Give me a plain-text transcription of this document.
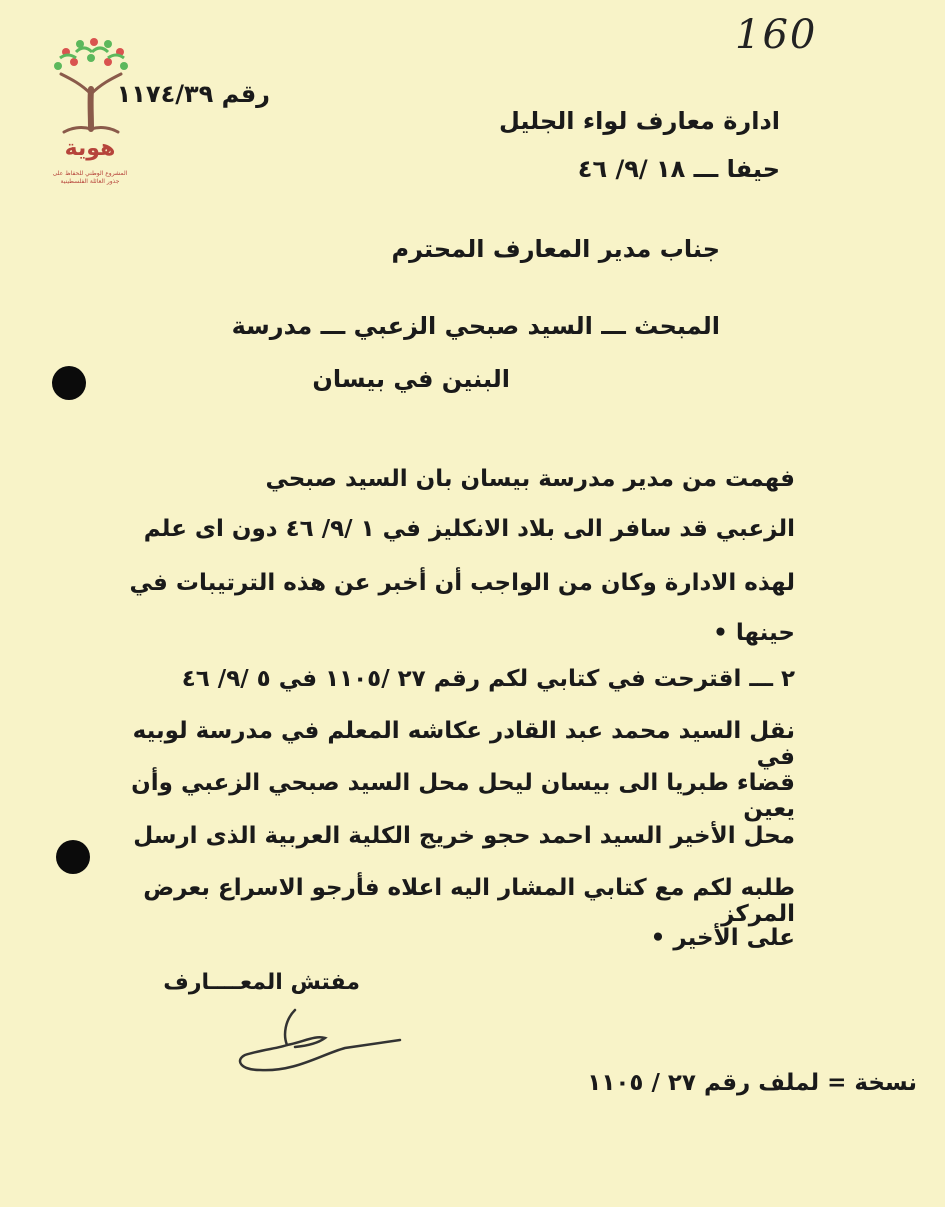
هوية
المشروع الوطني للحفاظ على جذور العائلة الفلسطينية
160
رقم ١١٧٤/٣٩
ادارة معارف لواء الجليل
حيفا ـــ ١٨ /٩/ ٤٦
جناب مدير المعارف المحترم
المبحث ـــ السيد صبحي الزعبي ـــ مدرسة
البنين في بيسان
فهمت من مدير مدرسة بيسان بان السيد صبحي
الزعبي قد سافر الى بلاد الانكليز في ١ /٩/ ٤٦ دون اى علم
لهذه الادارة وكان من الواجب أن أخبر عن هذه الترتيبات في
حينها •
٢ ـــ اقترحت في كتابي لكم رقم ٢٧ /١١٠٥ في ٥ /٩/ ٤٦
نقل السيد محمد عبد القادر عكاشه المعلم في مدرسة لوبيه في
قضاء طبريا الى بيسان ليحل محل السيد صبحي الزعبي وأن يعين
محل الأخير السيد احمد حجو خريج الكلية العربية الذى ارسل
طلبه لكم مع كتابي المشار اليه اعلاه فأرجو الاسراع بعرض المركز
على الأخير •
مفتش المعــــارف
نسخة = لملف رقم ٢٧ / ١١٠٥
